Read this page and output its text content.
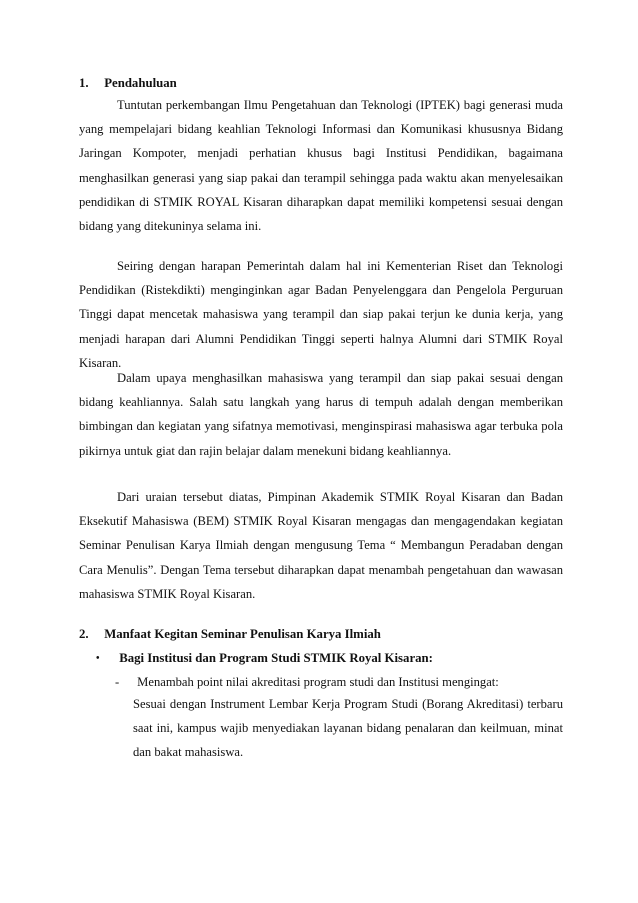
1. Pendahuluan

Tuntutan perkembangan Ilmu Pengetahuan dan Teknologi (IPTEK) bagi generasi muda yang mempelajari bidang keahlian Teknologi Informasi dan Komunikasi khususnya Bidang Jaringan Kompoter, menjadi perhatian khusus bagi Institusi Pendidikan, bagaimana menghasilkan generasi yang siap pakai dan terampil sehingga pada waktu akan menyelesaikan pendidikan di STMIK ROYAL Kisaran diharapkan dapat memiliki kompetensi sesuai dengan bidang yang ditekuninya selama ini.

Seiring dengan harapan Pemerintah dalam hal ini Kementerian Riset dan Teknologi Pendidikan (Ristekdikti) menginginkan agar Badan Penyelenggara dan Pengelola Perguruan Tinggi dapat mencetak mahasiswa yang terampil dan siap pakai terjun ke dunia kerja, yang menjadi harapan dari Alumni Pendidikan Tinggi seperti halnya Alumni dari STMIK Royal Kisaran.

Dalam upaya menghasilkan mahasiswa yang terampil dan siap pakai sesuai dengan bidang keahliannya. Salah satu langkah yang harus di tempuh adalah dengan memberikan bimbingan dan kegiatan yang sifatnya memotivasi, menginspirasi mahasiswa agar terbuka pola pikirnya untuk giat dan rajin belajar dalam menekuni bidang keahliannya.

Dari uraian tersebut diatas, Pimpinan Akademik STMIK Royal Kisaran dan Badan Eksekutif Mahasiswa (BEM) STMIK Royal Kisaran mengagas dan mengagendakan kegiatan Seminar Penulisan Karya Ilmiah dengan mengusung Tema “ Membangun Peradaban dengan Cara Menulis”. Dengan Tema tersebut diharapkan dapat menambah pengetahuan dan wawasan mahasiswa STMIK Royal Kisaran.

2. Manfaat Kegitan Seminar Penulisan Karya Ilmiah
• Bagi Institusi dan Program Studi STMIK Royal Kisaran:
- Menambah point nilai akreditasi program studi dan Institusi mengingat:

Sesuai dengan Instrument Lembar Kerja Program Studi (Borang Akreditasi) terbaru saat ini, kampus wajib menyediakan layanan bidang penalaran dan keilmuan, minat dan bakat mahasiswa.
